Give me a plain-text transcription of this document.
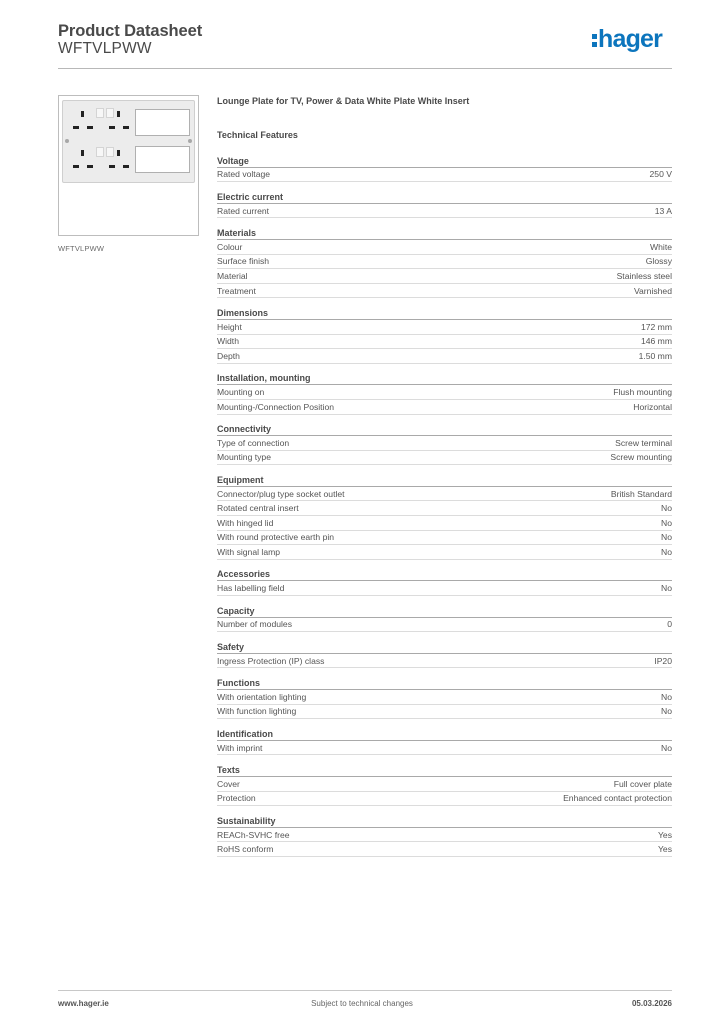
Product Datasheet
WFTVLPWW	hager
WFTVLPWW
Lounge Plate for TV, Power & Data White Plate White Insert
Technical Features
Voltage
Rated voltage	250 V
Electric current
Rated current	13 A
Materials
Colour	White
Surface finish	Glossy
Material	Stainless steel
Treatment	Varnished
Dimensions
Height	172 mm
Width	146 mm
Depth	1.50 mm
Installation, mounting
Mounting on	Flush mounting
Mounting-/Connection Position	Horizontal
Connectivity
Type of connection	Screw terminal
Mounting type	Screw mounting
Equipment
Connector/plug type socket outlet	British Standard
Rotated central insert	No
With hinged lid	No
With round protective earth pin	No
With signal lamp	No
Accessories
Has labelling field	No
Capacity
Number of modules	0
Safety
Ingress Protection (IP) class	IP20
Functions
With orientation lighting	No
With function lighting	No
Identification
With imprint	No
Texts
Cover	Full cover plate
Protection	Enhanced contact protection
Sustainability
REACh-SVHC free	Yes
RoHS conform	Yes
www.hager.ie	Subject to technical changes	05.03.2026
